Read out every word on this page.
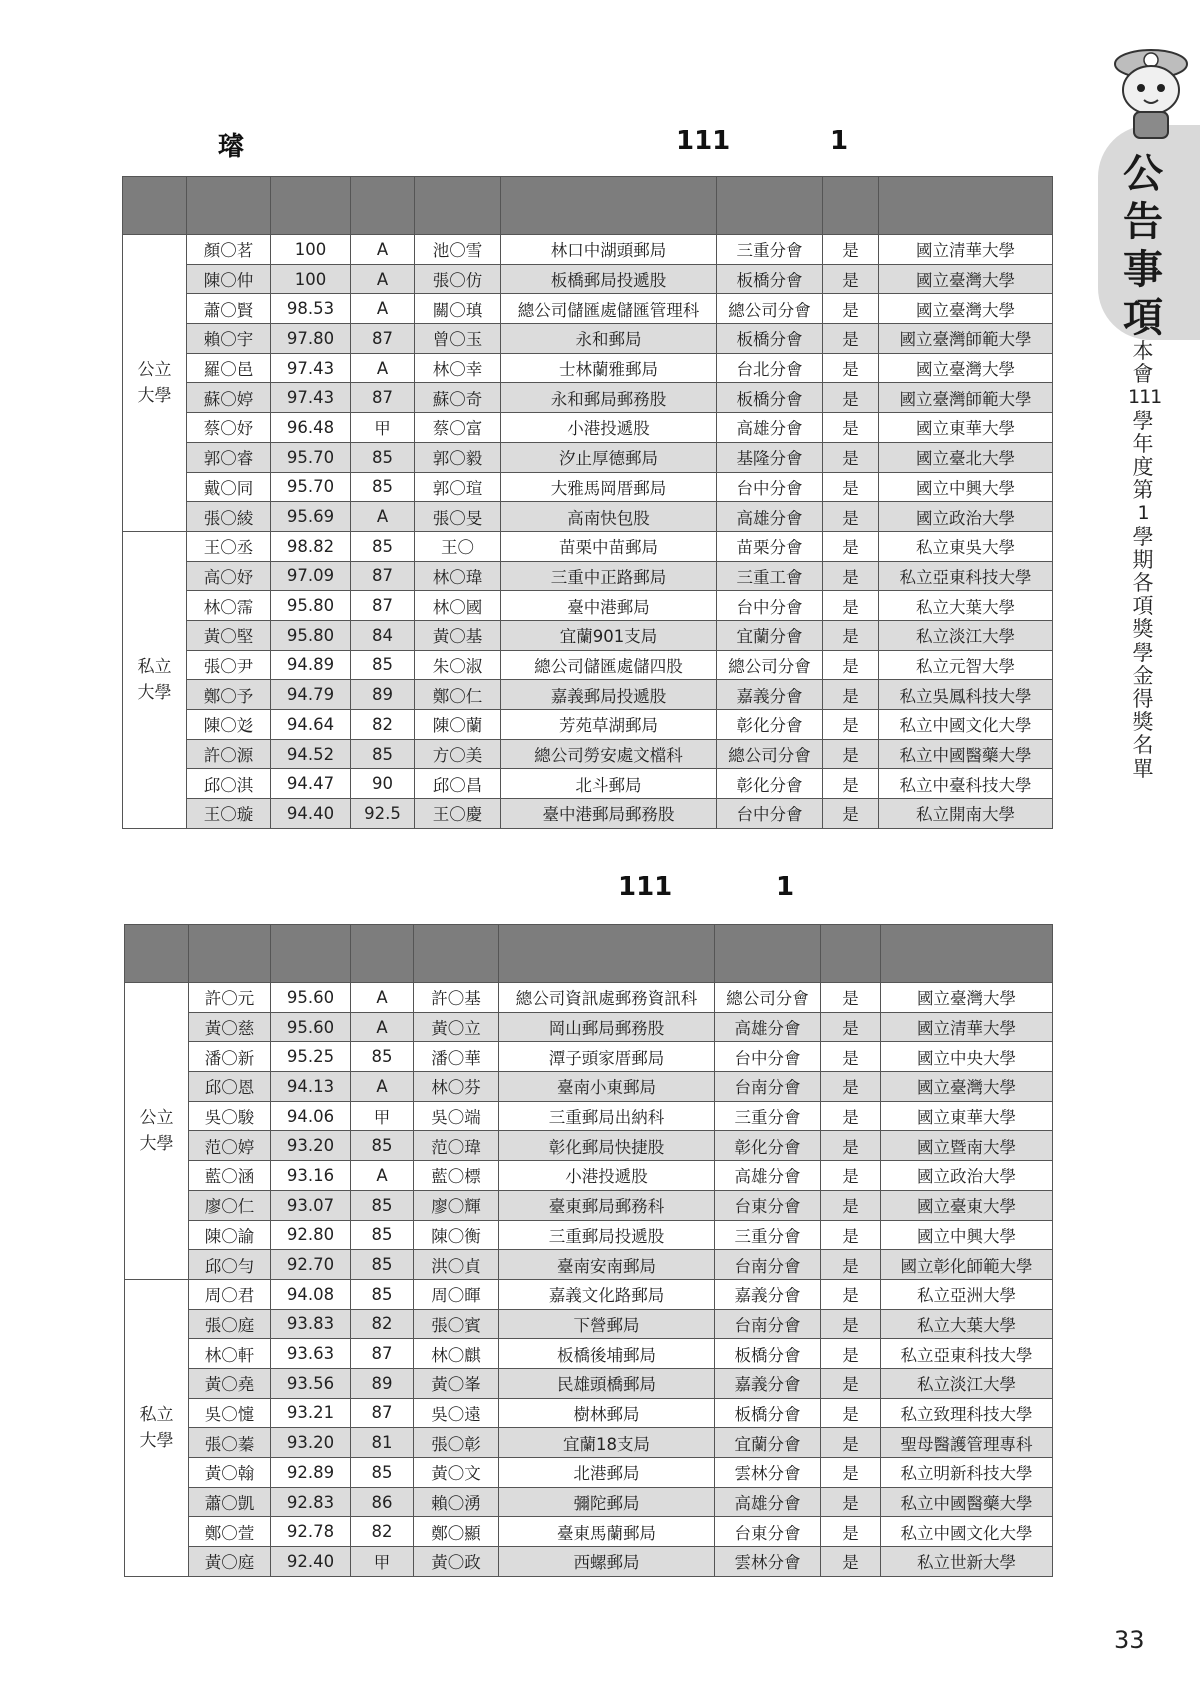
公
告
事
項
本
會
111
學
年
度
第
1
學
期
各
項
獎
學
金
得
獎
名
單
璿	111	1

公立
大學	顏〇茗	100	A	池〇雪	林口中湖頭郵局	三重分會	是	國立清華大學
	陳〇仲	100	A	張〇仿	板橋郵局投遞股	板橋分會	是	國立臺灣大學
	蕭〇賢	98.53	A	關〇瑱	總公司儲匯處儲匯管理科	總公司分會	是	國立臺灣大學
	賴〇宇	97.80	87	曾〇玉	永和郵局	板橋分會	是	國立臺灣師範大學
	羅〇邑	97.43	A	林〇幸	士林蘭雅郵局	台北分會	是	國立臺灣大學
	蘇〇婷	97.43	87	蘇〇奇	永和郵局郵務股	板橋分會	是	國立臺灣師範大學
	蔡〇妤	96.48	甲	蔡〇富	小港投遞股	高雄分會	是	國立東華大學
	郭〇睿	95.70	85	郭〇毅	汐止厚德郵局	基隆分會	是	國立臺北大學
	戴〇同	95.70	85	郭〇瑄	大雅馬岡厝郵局	台中分會	是	國立中興大學
	張〇綾	95.69	A	張〇旻	高南快包股	高雄分會	是	國立政治大學

私立
大學	王〇丞	98.82	85	王〇	苗栗中苗郵局	苗栗分會	是	私立東吳大學
	高〇妤	97.09	87	林〇瑋	三重中正路郵局	三重工會	是	私立亞東科技大學
	林〇霈	95.80	87	林〇國	臺中港郵局	台中分會	是	私立大葉大學
	黃〇堅	95.80	84	黃〇基	宜蘭901支局	宜蘭分會	是	私立淡江大學
	張〇尹	94.89	85	朱〇淑	總公司儲匯處儲四股	總公司分會	是	私立元智大學
	鄭〇予	94.79	89	鄭〇仁	嘉義郵局投遞股	嘉義分會	是	私立吳鳳科技大學
	陳〇彣	94.64	82	陳〇蘭	芳苑草湖郵局	彰化分會	是	私立中國文化大學
	許〇源	94.52	85	方〇美	總公司勞安處文檔科	總公司分會	是	私立中國醫藥大學
	邱〇淇	94.47	90	邱〇昌	北斗郵局	彰化分會	是	私立中臺科技大學
	王〇璇	94.40	92.5	王〇慶	臺中港郵局郵務股	台中分會	是	私立開南大學
111	1

公立
大學	許〇元	95.60	A	許〇基	總公司資訊處郵務資訊科	總公司分會	是	國立臺灣大學
	黃〇慈	95.60	A	黃〇立	岡山郵局郵務股	高雄分會	是	國立清華大學
	潘〇新	95.25	85	潘〇華	潭子頭家厝郵局	台中分會	是	國立中央大學
	邱〇恩	94.13	A	林〇芬	臺南小東郵局	台南分會	是	國立臺灣大學
	吳〇駿	94.06	甲	吳〇端	三重郵局出納科	三重分會	是	國立東華大學
	范〇婷	93.20	85	范〇瑋	彰化郵局快捷股	彰化分會	是	國立暨南大學
	藍〇涵	93.16	A	藍〇標	小港投遞股	高雄分會	是	國立政治大學
	廖〇仁	93.07	85	廖〇輝	臺東郵局郵務科	台東分會	是	國立臺東大學
	陳〇諭	92.80	85	陳〇衡	三重郵局投遞股	三重分會	是	國立中興大學
	邱〇勻	92.70	85	洪〇貞	臺南安南郵局	台南分會	是	國立彰化師範大學

私立
大學	周〇君	94.08	85	周〇暉	嘉義文化路郵局	嘉義分會	是	私立亞洲大學
	張〇庭	93.83	82	張〇賓	下營郵局	台南分會	是	私立大葉大學
	林〇軒	93.63	87	林〇麒	板橋後埔郵局	板橋分會	是	私立亞東科技大學
	黃〇堯	93.56	89	黃〇峯	民雄頭橋郵局	嘉義分會	是	私立淡江大學
	吳〇懥	93.21	87	吳〇遠	樹林郵局	板橋分會	是	私立致理科技大學
	張〇蓁	93.20	81	張〇彰	宜蘭18支局	宜蘭分會	是	聖母醫護管理專科
	黃〇翰	92.89	85	黃〇文	北港郵局	雲林分會	是	私立明新科技大學
	蕭〇凱	92.83	86	賴〇湧	彌陀郵局	高雄分會	是	私立中國醫藥大學
	鄭〇萱	92.78	82	鄭〇顯	臺東馬蘭郵局	台東分會	是	私立中國文化大學
	黃〇庭	92.40	甲	黃〇政	西螺郵局	雲林分會	是	私立世新大學
33
